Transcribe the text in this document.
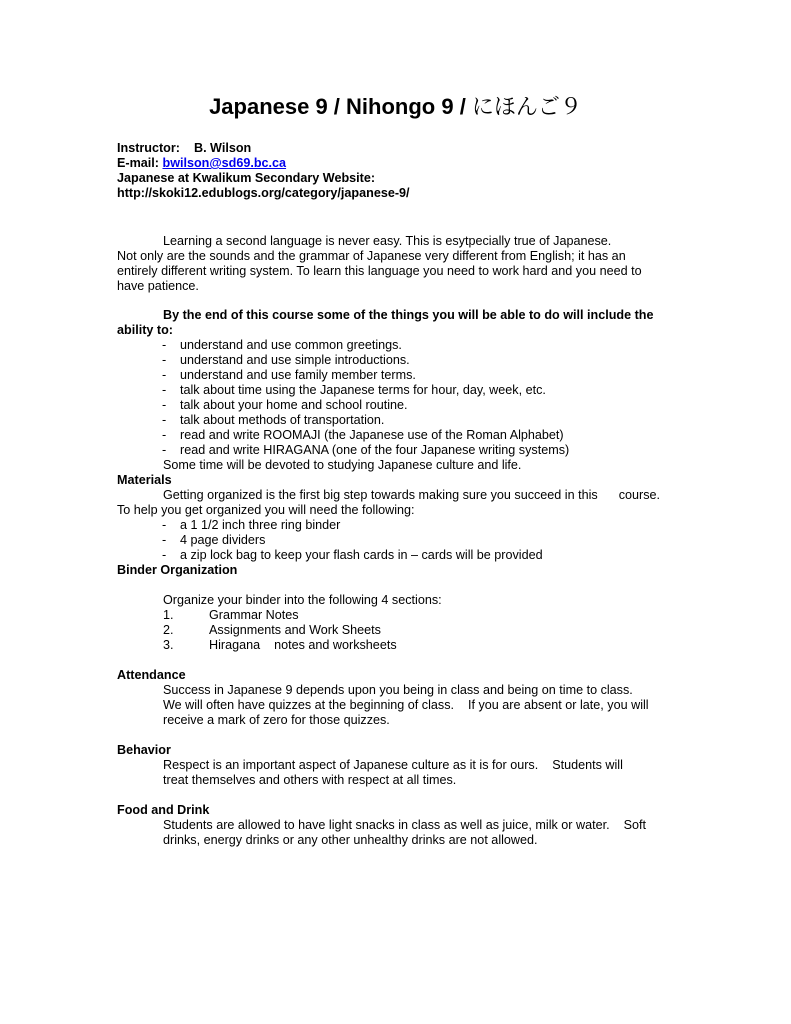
Japanese 9 / Nihongo 9 / にほんご９

Instructor: B. Wilson

E-mail: bwilson@sd69.bc.ca

Japanese at Kwalikum Secondary Website:

http://skoki12.edublogs.org/category/japanese-9/

Learning a second language is never easy. This is esytpecially true of Japanese.

Not only are the sounds and the grammar of Japanese very different from English; it has an

entirely different writing system. To learn this language you need to work hard and you need to

have patience.

By the end of this course some of the things you will be able to do will include the

ability to:

- understand and use common greetings.
- understand and use simple introductions.
- understand and use family member terms.
- talk about time using the Japanese terms for hour, day, week, etc.
- talk about your home and school routine.
- talk about methods of transportation.
- read and write ROOMAJI (the Japanese use of the Roman Alphabet)
- read and write HIRAGANA (one of the four Japanese writing systems)

Some time will be devoted to studying Japanese culture and life.

Materials

Getting organized is the first big step towards making sure you succeed in this      course.

To help you get organized you will need the following:

- a 1 1/2 inch three ring binder
- 4 page dividers
- a zip lock bag to keep your flash cards in – cards will be provided

Binder Organization

Organize your binder into the following 4 sections:

1.	Grammar Notes
2.	Assignments and Work Sheets
3.	Hiragana    notes and worksheets

Attendance

Success in Japanese 9 depends upon you being in class and being on time to class.

We will often have quizzes at the beginning of class.    If you are absent or late, you will

receive a mark of zero for those quizzes.

Behavior

Respect is an important aspect of Japanese culture as it is for ours.    Students will

treat themselves and others with respect at all times.

Food and Drink

Students are allowed to have light snacks in class as well as juice, milk or water.    Soft

drinks, energy drinks or any other unhealthy drinks are not allowed.
